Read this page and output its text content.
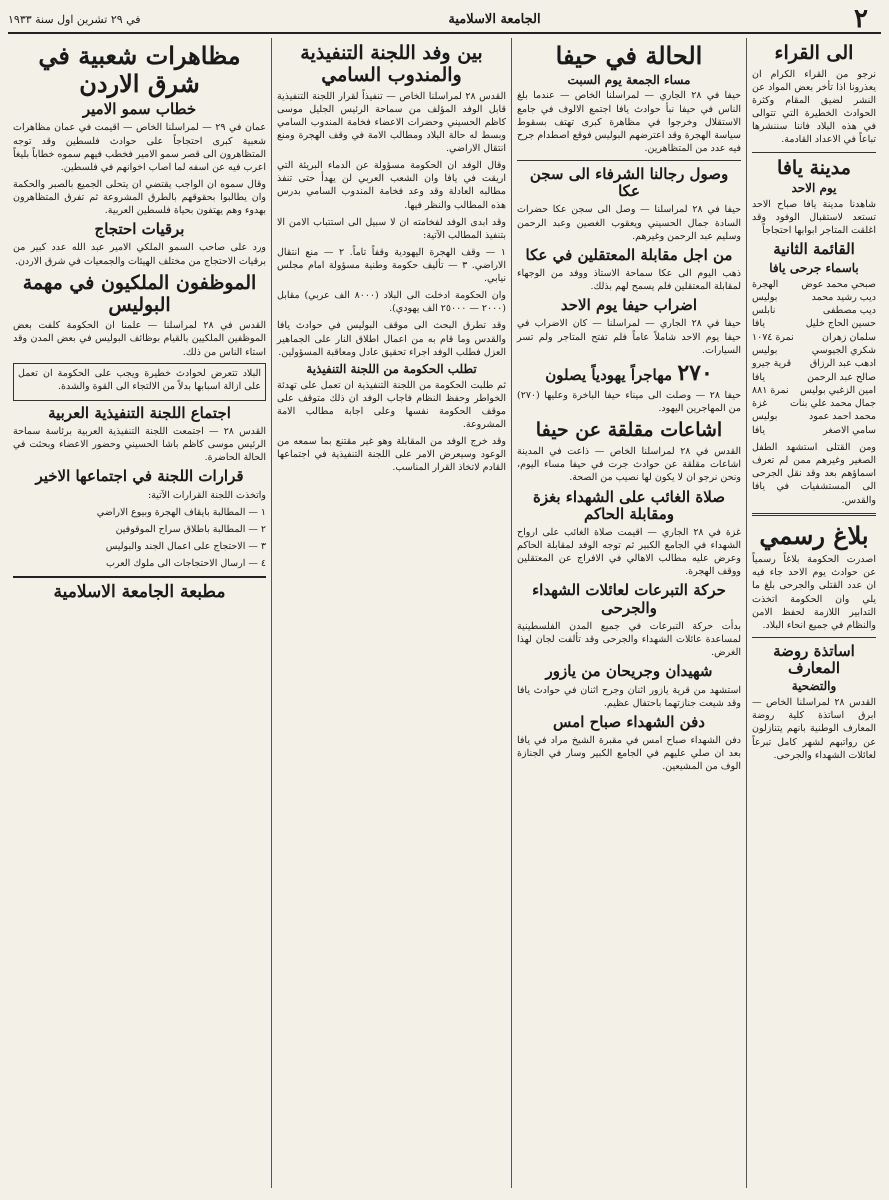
٢
الجامعة الاسلامية
في ٢٩ تشرين اول سنة ١٩٣٣
الى القراء

نرجو من القراء الكرام ان يعذرونا اذا تأخر بعض المواد عن النشر لضيق المقام وكثرة الحوادث الخطيرة التي تتوالى في هذه البلاد فاننا سننشرها تباعاً في الاعداد القادمة.

مدينة يافا
يوم الاحد

شاهدنا مدينة يافا صباح الاحد تستعد لاستقبال الوفود وقد اغلقت المتاجر ابوابها احتجاجاً

القائمة الثانية
باسماء جرحى يافا
صبحي محمد عوض
الهجرة
ديب رشيد محمد
بوليس
ديب مصطفى
نابلس
حسين الحاج خليل
يافا
سلمان زهران
نمرة ١٠٧٤
شكري الجيوسي
بوليس
ادهب عبد الرزاق
قرية جيرو
صالح عبد الرحمن
يافا
امين الزغبي بوليس
نمرة ٨٨١
جمال محمد علي بنات
غزة
محمد احمد عمود
بوليس
سامي الاصغر
يافا

ومن القتلى استشهد الطفل الصغير وغيرهم ممن لم تعرف اسماؤهم بعد وقد نقل الجرحى الى المستشفيات في يافا والقدس.

بلاغ رسمي

اصدرت الحكومة بلاغاً رسمياً عن حوادث يوم الاحد جاء فيه ان عدد القتلى والجرحى بلغ ما يلي وان الحكومة اتخذت التدابير اللازمة لحفظ الامن والنظام في جميع انحاء البلاد.

اساتذة روضة المعارف
والتضحية

القدس ٢٨ لمراسلنا الخاص — ابرق اساتذة كلية روضة المعارف الوطنية بانهم يتنازلون عن رواتبهم لشهر كامل تبرعاً لعائلات الشهداء والجرحى.

الحالة في حيفا
مساء الجمعة يوم السبت

حيفا في ٢٨ الجاري — لمراسلنا الخاص — عندما بلغ الناس في حيفا نبأ حوادث يافا اجتمع الالوف في جامع الاستقلال وخرجوا في مظاهرة كبرى تهتف بسقوط سياسة الهجرة وقد اعترضهم البوليس فوقع اصطدام جرح فيه عدد من المتظاهرين.

وصول رجالنا الشرفاء الى سجن عكا

حيفا في ٢٨ لمراسلنا — وصل الى سجن عكا حضرات السادة جمال الحسيني ويعقوب الغصين وعبد الرحمن وسليم عبد الرحمن وغيرهم.

من اجل مقابلة المعتقلين في عكا

ذهب اليوم الى عكا سماحة الاستاذ ووفد من الوجهاء لمقابلة المعتقلين فلم يسمح لهم بذلك.

اضراب حيفا يوم الاحد

حيفا في ٢٨ الجاري — لمراسلنا — كان الاضراب في حيفا يوم الاحد شاملاً عاماً فلم تفتح المتاجر ولم تسر السيارات.

٢٧٠ مهاجراً يهودياً يصلون

حيفا ٢٨ — وصلت الى ميناء حيفا الباخرة وعليها (٢٧٠) من المهاجرين اليهود.

اشاعات مقلقة عن حيفا

القدس في ٢٨ لمراسلنا الخاص — ذاعت في المدينة اشاعات مقلقة عن حوادث جرت في حيفا مساء اليوم، ونحن نرجو ان لا يكون لها نصيب من الصحة.

صلاة الغائب على الشهداء بغزة ومقابلة الحاكم

غزة في ٢٨ الجاري — اقيمت صلاة الغائب على ارواح الشهداء في الجامع الكبير ثم توجه الوفد لمقابلة الحاكم وعرض عليه مطالب الاهالي في الافراج عن المعتقلين ووقف الهجرة.

حركة التبرعات لعائلات الشهداء والجرحى

بدأت حركة التبرعات في جميع المدن الفلسطينية لمساعدة عائلات الشهداء والجرحى وقد تألفت لجان لهذا الغرض.

شهيدان وجريحان من يازور

استشهد من قرية يازور اثنان وجرح اثنان في حوادث يافا وقد شيعت جنازتهما باحتفال عظيم.

دفن الشهداء صباح امس

دفن الشهداء صباح امس في مقبرة الشيخ مراد في يافا بعد ان صلي عليهم في الجامع الكبير وسار في الجنازة الوف من المشيعين.

بين وفد اللجنة التنفيذية والمندوب السامي

القدس ٢٨ لمراسلنا الخاص — تنفيذاً لقرار اللجنة التنفيذية قابل الوفد المؤلف من سماحة الرئيس الجليل موسى كاظم الحسيني وحضرات الاعضاء فخامة المندوب السامي وبسط له حالة البلاد ومطالب الامة في وقف الهجرة ومنع انتقال الاراضي.

وقال الوفد ان الحكومة مسؤولة عن الدماء البريئة التي اريقت في يافا وان الشعب العربي لن يهدأ حتى تنفذ مطالبه العادلة وقد وعد فخامة المندوب السامي بدرس هذه المطالب والنظر فيها.

وقد ابدى الوفد لفخامته ان لا سبيل الى استتباب الامن الا بتنفيذ المطالب الآتية:

١ — وقف الهجرة اليهودية وقفاً تاماً. ٢ — منع انتقال الاراضي. ٣ — تأليف حكومة وطنية مسؤولة امام مجلس نيابي.

وان الحكومة ادخلت الى البلاد (٨٠٠٠ الف عربي) مقابل (٢٠٠٠ — ٢٥٠٠٠ الف يهودي).

وقد تطرق البحث الى موقف البوليس في حوادث يافا والقدس وما قام به من اعمال اطلاق النار على الجماهير العزل فطلب الوفد اجراء تحقيق عادل ومعاقبة المسؤولين.

تطلب الحكومة من اللجنة التنفيذية

ثم طلبت الحكومة من اللجنة التنفيذية ان تعمل على تهدئة الخواطر وحفظ النظام فاجاب الوفد ان ذلك متوقف على موقف الحكومة نفسها وعلى اجابة مطالب الامة المشروعة.

وقد خرج الوفد من المقابلة وهو غير مقتنع بما سمعه من الوعود وسيعرض الامر على اللجنة التنفيذية في اجتماعها القادم لاتخاذ القرار المناسب.

مظاهرات شعبية في شرق الاردن
خطاب سمو الامير

عمان في ٢٩ — لمراسلنا الخاص — اقيمت في عمان مظاهرات شعبية كبرى احتجاجاً على حوادث فلسطين وقد توجه المتظاهرون الى قصر سمو الامير فخطب فيهم سموه خطاباً بليغاً اعرب فيه عن اسفه لما اصاب اخوانهم في فلسطين.

وقال سموه ان الواجب يقتضي ان يتحلى الجميع بالصبر والحكمة وان يطالبوا بحقوقهم بالطرق المشروعة ثم تفرق المتظاهرون بهدوء وهم يهتفون بحياة فلسطين العربية.

برقيات احتجاج

ورد على صاحب السمو الملكي الامير عبد الله عدد كبير من برقيات الاحتجاج من مختلف الهيئات والجمعيات في شرق الاردن.

الموظفون الملكيون في مهمة البوليس

القدس في ٢٨ لمراسلنا — علمنا ان الحكومة كلفت بعض الموظفين الملكيين بالقيام بوظائف البوليس في بعض المدن وقد استاء الناس من ذلك.

البلاد تتعرض لحوادث خطيرة ويجب على الحكومة ان تعمل على ازالة اسبابها بدلاً من الالتجاء الى القوة والشدة.

اجتماع اللجنة التنفيذية العربية

القدس ٢٨ — اجتمعت اللجنة التنفيذية العربية برئاسة سماحة الرئيس موسى كاظم باشا الحسيني وحضور الاعضاء وبحثت في الحالة الحاضرة.

قرارات اللجنة في اجتماعها الاخير

واتخذت اللجنة القرارات الآتية:

١ — المطالبة بايقاف الهجرة وبيوع الاراضي

٢ — المطالبة باطلاق سراح الموقوفين

٣ — الاحتجاج على اعمال الجند والبوليس

٤ — ارسال الاحتجاجات الى ملوك العرب

مطبعة الجامعة الاسلامية
